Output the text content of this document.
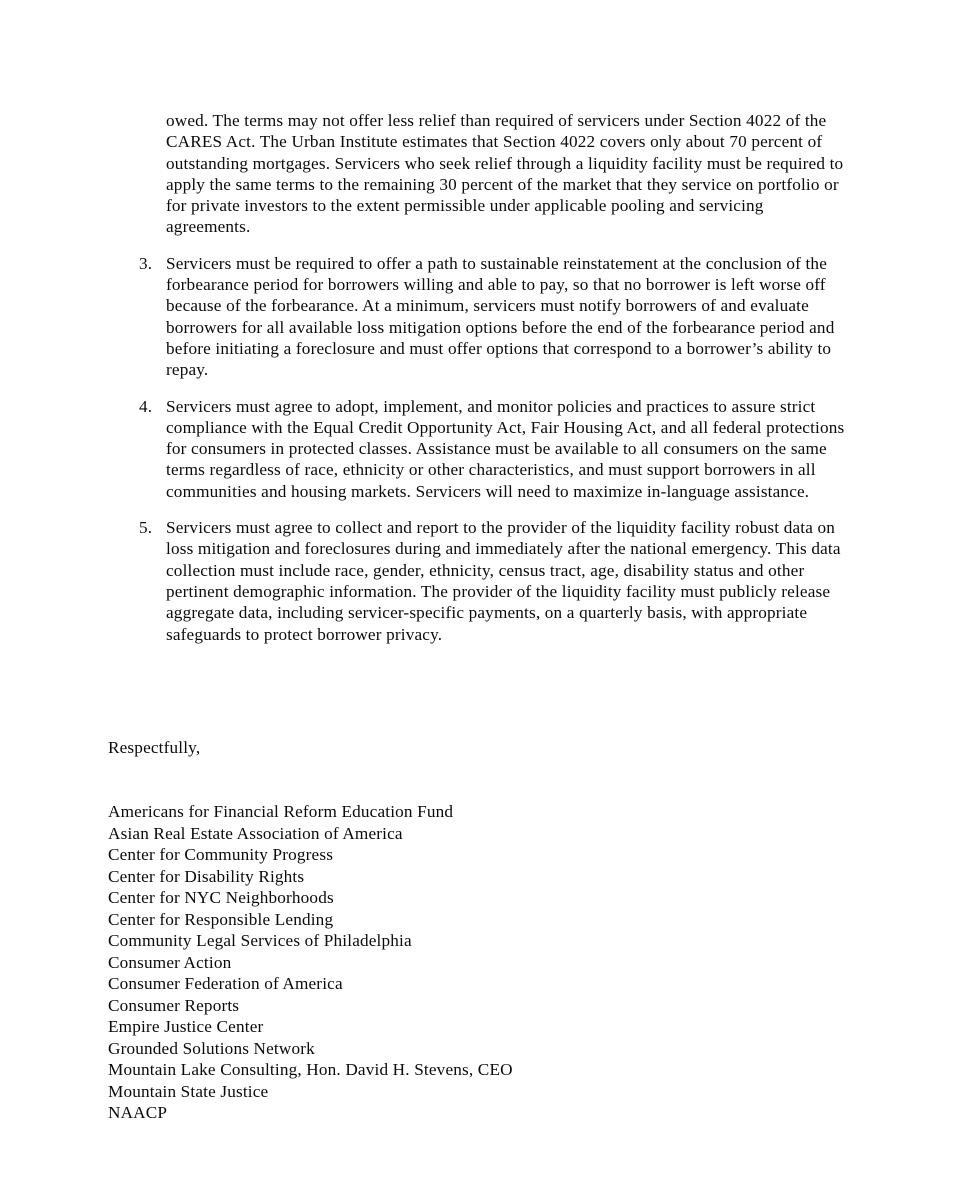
owed. The terms may not offer less relief than required of servicers under Section 4022 of the CARES Act. The Urban Institute estimates that Section 4022 covers only about 70 percent of outstanding mortgages. Servicers who seek relief through a liquidity facility must be required to apply the same terms to the remaining 30 percent of the market that they service on portfolio or for private investors to the extent permissible under applicable pooling and servicing agreements.

3. Servicers must be required to offer a path to sustainable reinstatement at the conclusion of the forbearance period for borrowers willing and able to pay, so that no borrower is left worse off because of the forbearance. At a minimum, servicers must notify borrowers of and evaluate borrowers for all available loss mitigation options before the end of the forbearance period and before initiating a foreclosure and must offer options that correspond to a borrower’s ability to repay.
4. Servicers must agree to adopt, implement, and monitor policies and practices to assure strict compliance with the Equal Credit Opportunity Act, Fair Housing Act, and all federal protections for consumers in protected classes. Assistance must be available to all consumers on the same terms regardless of race, ethnicity or other characteristics, and must support borrowers in all communities and housing markets. Servicers will need to maximize in-language assistance.
5. Servicers must agree to collect and report to the provider of the liquidity facility robust data on loss mitigation and foreclosures during and immediately after the national emergency. This data collection must include race, gender, ethnicity, census tract, age, disability status and other pertinent demographic information. The provider of the liquidity facility must publicly release aggregate data, including servicer-specific payments, on a quarterly basis, with appropriate safeguards to protect borrower privacy.

Respectfully,

Americans for Financial Reform Education Fund
Asian Real Estate Association of America
Center for Community Progress
Center for Disability Rights
Center for NYC Neighborhoods
Center for Responsible Lending
Community Legal Services of Philadelphia
Consumer Action
Consumer Federation of America
Consumer Reports
Empire Justice Center
Grounded Solutions Network
Mountain Lake Consulting, Hon. David H. Stevens, CEO
Mountain State Justice
NAACP
